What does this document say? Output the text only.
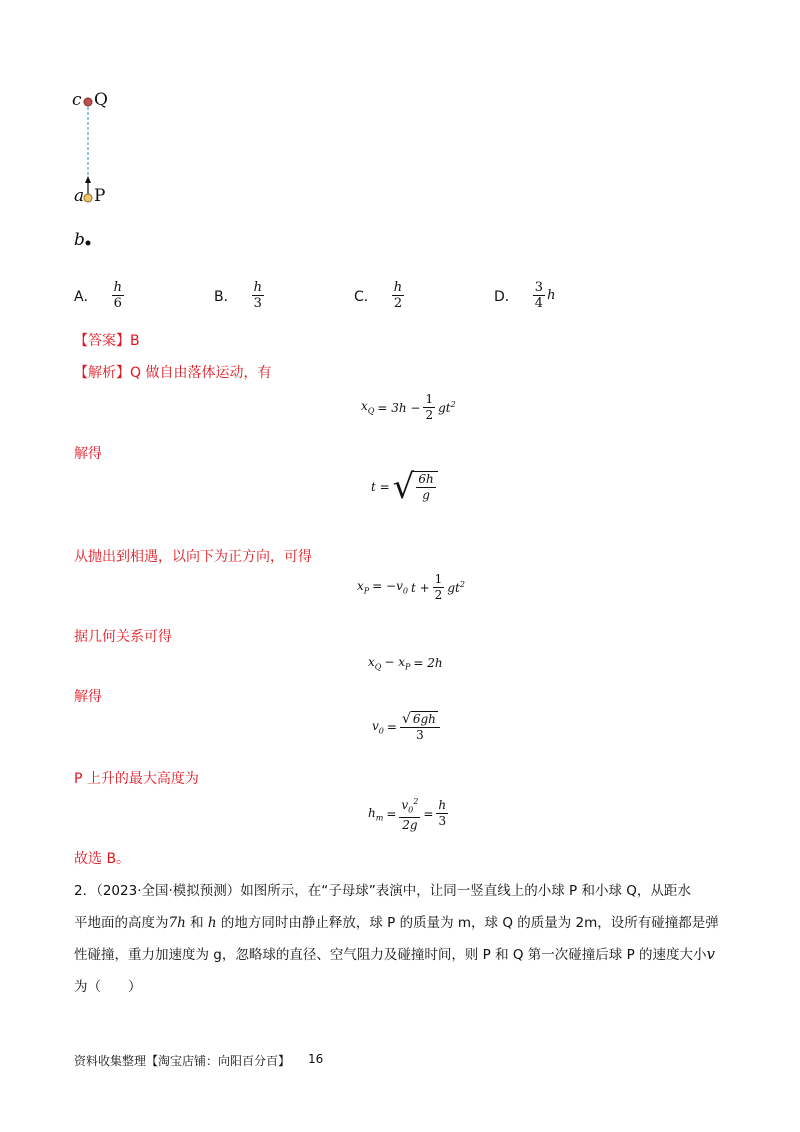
c Q
a P
b
A． $\frac{h}{6}$	B． $\frac{h}{3}$	C． $\frac{h}{2}$	D． $\frac{3}{4}$ h
【答案】B
【解析】Q 做自由落体运动，有
$x_Q = 3h - \frac{1}{2} gt^2$
解得
t = √ $\frac{6h}{g}$
从抛出到相遇，以向下为正方向，可得
$x_P = -v_0$ $t + \frac{1}{2} gt^2$
据几何关系可得
$x_Q - x_P = 2h$
解得
$v_0 = \frac{√ 6gh}{3}$
P 上升的最大高度为
$h_m = \frac{v_0^2}{2g} = \frac{h}{3}$
故选 B。
2．（2023·全国·模拟预测）如图所示，在“子母球”表演中，让同一竖直线上的小球 P 和小球 Q，从距水
平地面的高度为7h 和 h 的地方同时由静止释放，球 P 的质量为 m，球 Q 的质量为 2m，设所有碰撞都是弹
性碰撞，重力加速度为 g，忽略球的直径、空气阻力及碰撞时间，则 P 和 Q 第一次碰撞后球 P 的速度大小v
为（　　）
资料收集整理【淘宝店铺：向阳百分百】 16
